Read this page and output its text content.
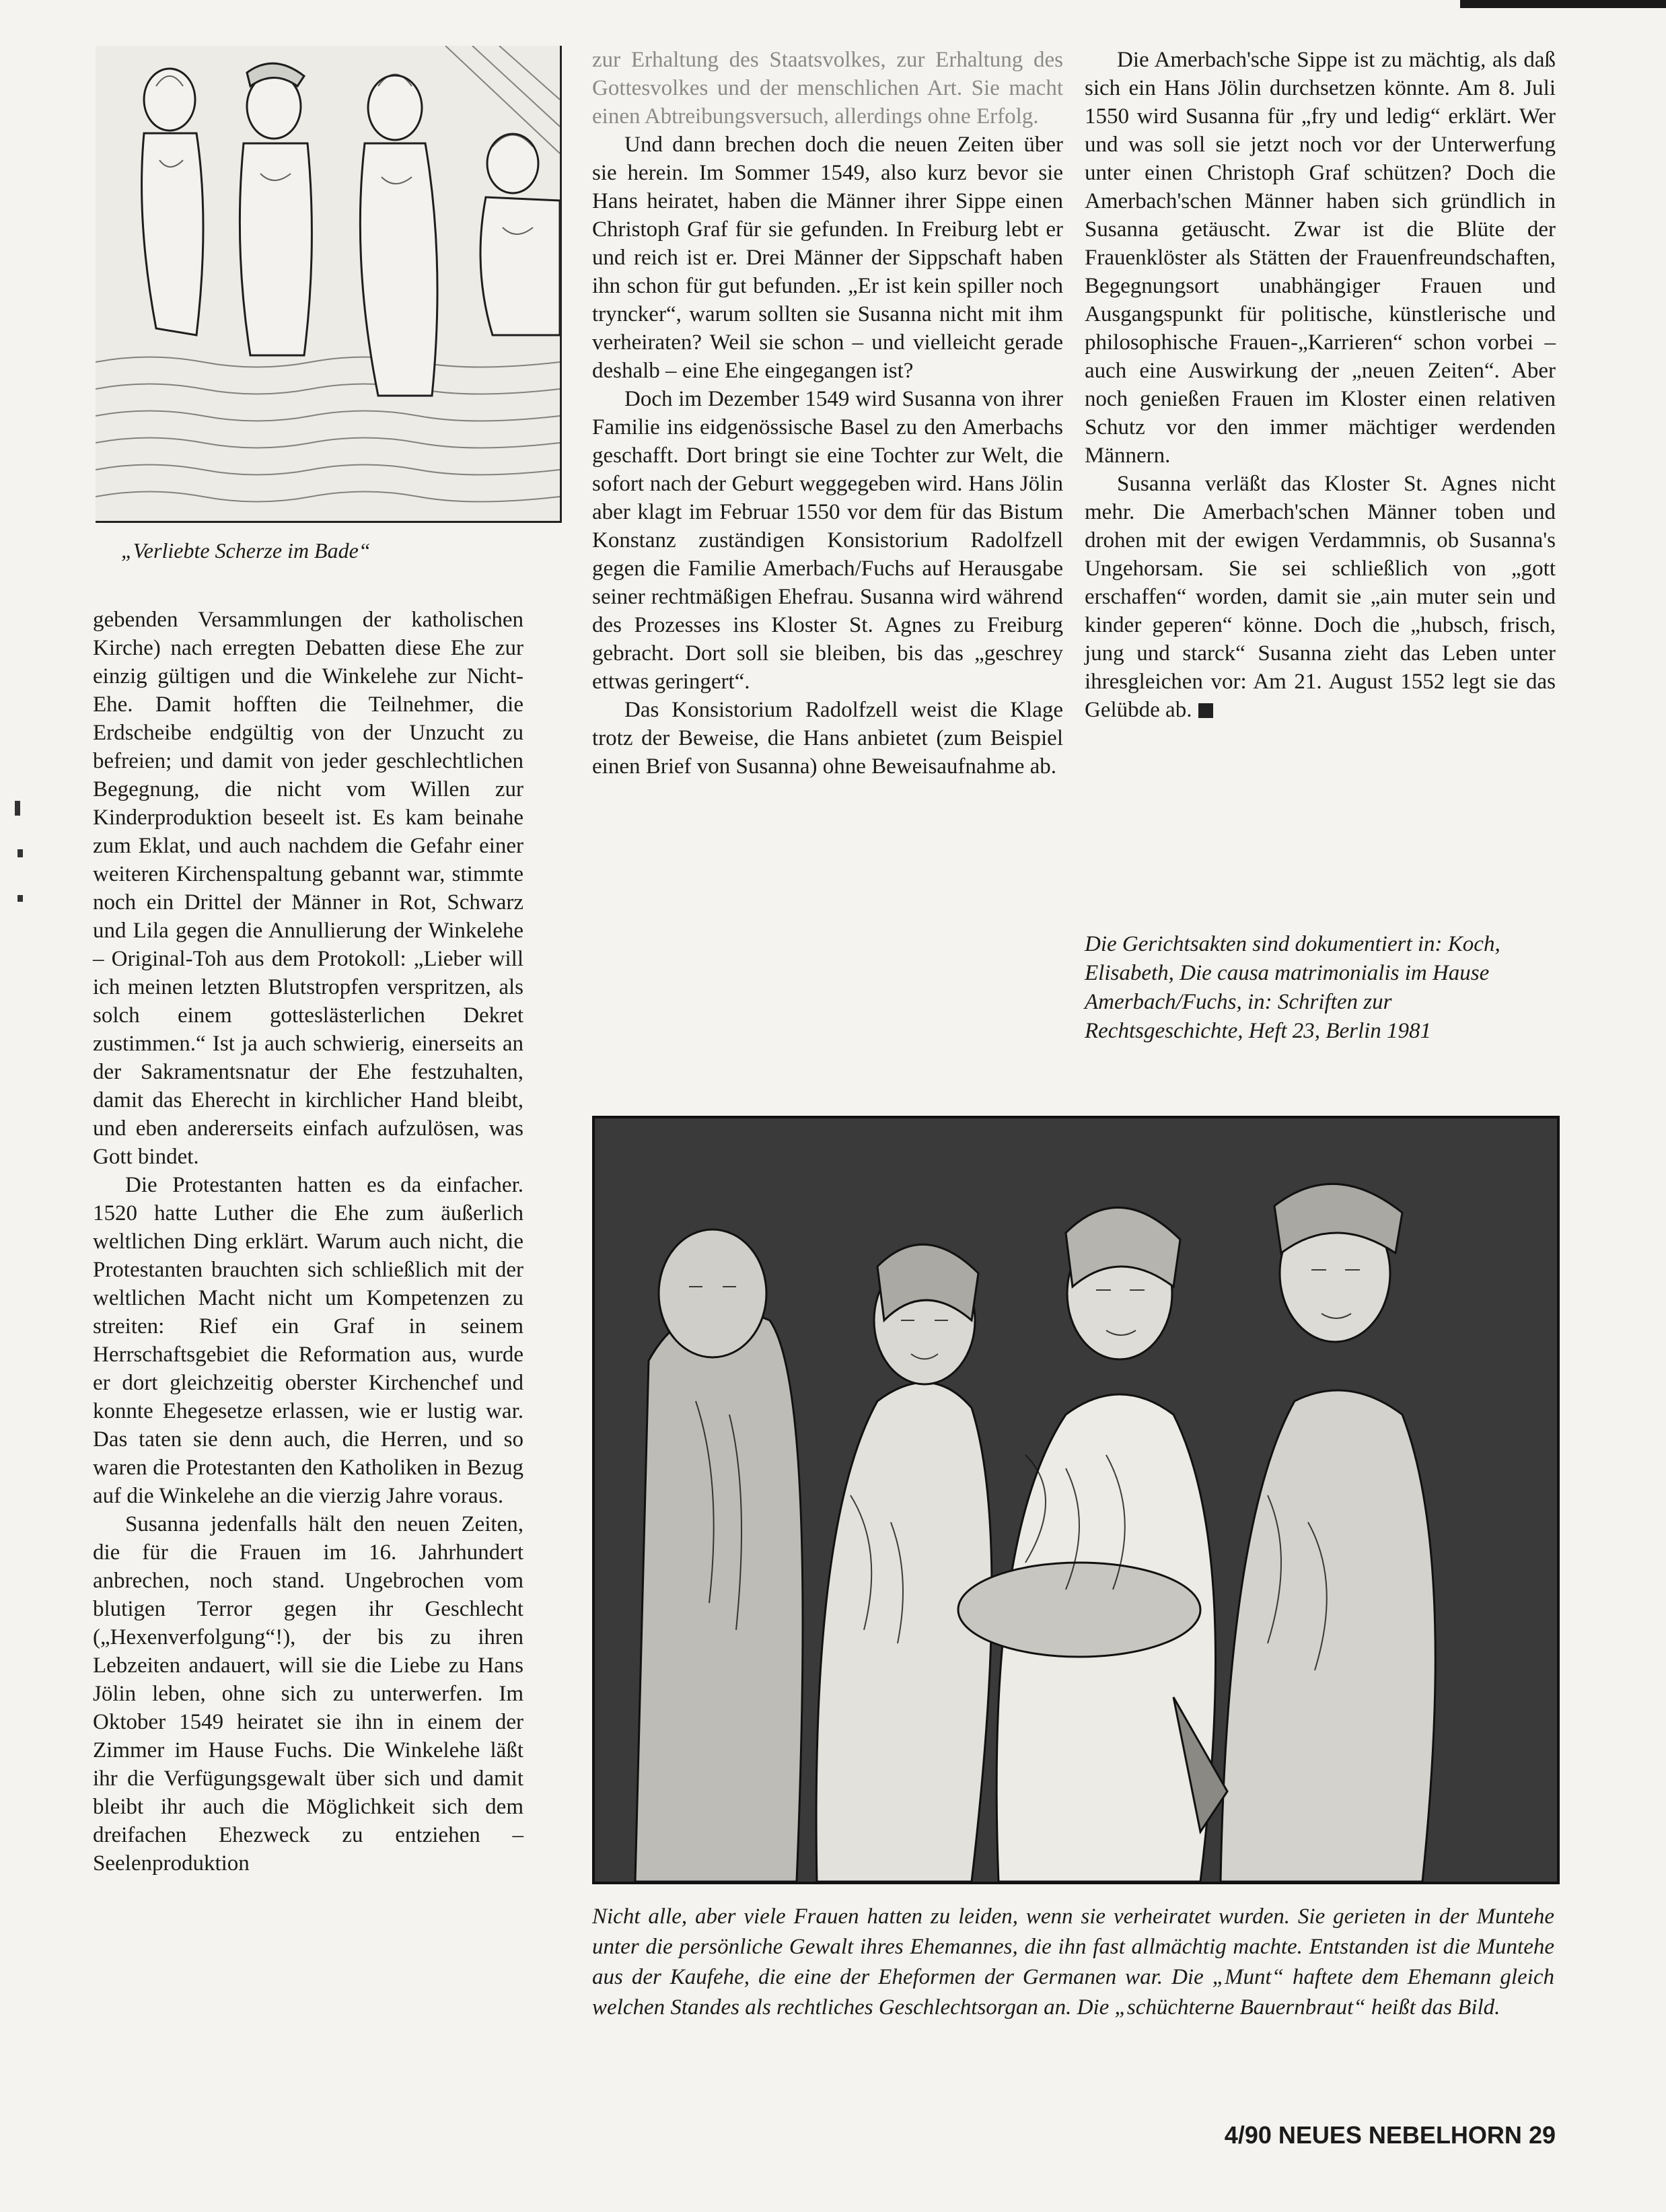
„Verliebte Scherze im Bade“

gebenden Versammlungen der katholischen Kirche) nach erregten Debatten diese Ehe zur einzig gültigen und die Winkelehe zur Nicht-Ehe. Damit hofften die Teilnehmer, die Erdscheibe endgültig von der Unzucht zu befreien; und damit von jeder geschlechtlichen Begegnung, die nicht vom Willen zur Kinderproduktion beseelt ist. Es kam beinahe zum Eklat, und auch nachdem die Gefahr einer weiteren Kirchenspaltung gebannt war, stimmte noch ein Drittel der Männer in Rot, Schwarz und Lila gegen die Annullierung der Winkelehe – Original-Toh aus dem Protokoll: „Lieber will ich meinen letzten Blutstropfen verspritzen, als solch einem gotteslästerlichen Dekret zustimmen.“ Ist ja auch schwierig, einerseits an der Sakramentsnatur der Ehe festzuhalten, damit das Eherecht in kirchlicher Hand bleibt, und eben andererseits einfach aufzulösen, was Gott bindet.

Die Protestanten hatten es da einfacher. 1520 hatte Luther die Ehe zum äußerlich weltlichen Ding erklärt. Warum auch nicht, die Protestanten brauchten sich schließlich mit der weltlichen Macht nicht um Kompetenzen zu streiten: Rief ein Graf in seinem Herrschaftsgebiet die Reformation aus, wurde er dort gleichzeitig oberster Kirchenchef und konnte Ehegesetze erlassen, wie er lustig war. Das taten sie denn auch, die Herren, und so waren die Protestanten den Katholiken in Bezug auf die Winkelehe an die vierzig Jahre voraus.

Susanna jedenfalls hält den neuen Zeiten, die für die Frauen im 16. Jahrhundert anbrechen, noch stand. Ungebrochen vom blutigen Terror gegen ihr Geschlecht („Hexenverfolgung“!), der bis zu ihren Lebzeiten andauert, will sie die Liebe zu Hans Jölin leben, ohne sich zu unterwerfen. Im Oktober 1549 heiratet sie ihn in einem der Zimmer im Hause Fuchs. Die Winkelehe läßt ihr die Verfügungsgewalt über sich und damit bleibt ihr auch die Möglichkeit sich dem dreifachen Ehezweck zu entziehen – Seelenproduktion

zur Erhaltung des Staatsvolkes, zur Erhaltung des Gottesvolkes und der menschlichen Art. Sie macht einen Abtreibungsversuch, allerdings ohne Erfolg.

Und dann brechen doch die neuen Zeiten über sie herein. Im Sommer 1549, also kurz bevor sie Hans heiratet, haben die Männer ihrer Sippe einen Christoph Graf für sie gefunden. In Freiburg lebt er und reich ist er. Drei Männer der Sippschaft haben ihn schon für gut befunden. „Er ist kein spiller noch tryncker“, warum sollten sie Susanna nicht mit ihm verheiraten? Weil sie schon – und vielleicht gerade deshalb – eine Ehe eingegangen ist?

Doch im Dezember 1549 wird Susanna von ihrer Familie ins eidgenössische Basel zu den Amerbachs geschafft. Dort bringt sie eine Tochter zur Welt, die sofort nach der Geburt weggegeben wird. Hans Jölin aber klagt im Februar 1550 vor dem für das Bistum Konstanz zuständigen Konsistorium Radolfzell gegen die Familie Amerbach/Fuchs auf Herausgabe seiner rechtmäßigen Ehefrau. Susanna wird während des Prozesses ins Kloster St. Agnes zu Freiburg gebracht. Dort soll sie bleiben, bis das „geschrey ettwas geringert“.

Das Konsistorium Radolfzell weist die Klage trotz der Beweise, die Hans anbietet (zum Beispiel einen Brief von Susanna) ohne Beweisaufnahme ab.

Die Amerbach'sche Sippe ist zu mächtig, als daß sich ein Hans Jölin durchsetzen könnte. Am 8. Juli 1550 wird Susanna für „fry und ledig“ erklärt. Wer und was soll sie jetzt noch vor der Unterwerfung unter einen Christoph Graf schützen? Doch die Amerbach'schen Männer haben sich gründlich in Susanna getäuscht. Zwar ist die Blüte der Frauenklöster als Stätten der Frauenfreundschaften, Begegnungsort unabhängiger Frauen und Ausgangspunkt für politische, künstlerische und philosophische Frauen-„Karrieren“ schon vorbei – auch eine Auswirkung der „neuen Zeiten“. Aber noch genießen Frauen im Kloster einen relativen Schutz vor den immer mächtiger werdenden Männern.

Susanna verläßt das Kloster St. Agnes nicht mehr. Die Amerbach'schen Männer toben und drohen mit der ewigen Verdammnis, ob Susanna's Ungehorsam. Sie sei schließlich von „gott erschaffen“ worden, damit sie „ain muter sein und kinder geperen“ könne. Doch die „hubsch, frisch, jung und starck“ Susanna zieht das Leben unter ihresgleichen vor: Am 21. August 1552 legt sie das Gelübde ab.

Die Gerichtsakten sind dokumentiert in: Koch, Elisabeth, Die causa matrimonialis im Hause Amerbach/Fuchs, in: Schriften zur Rechtsgeschichte, Heft 23, Berlin 1981
Nicht alle, aber viele Frauen hatten zu leiden, wenn sie verheiratet wurden. Sie gerieten in der Muntehe unter die persönliche Gewalt ihres Ehemannes, die ihn fast allmächtig machte. Entstanden ist die Muntehe aus der Kaufehe, die eine der Eheformen der Germanen war. Die „Munt“ haftete dem Ehemann gleich welchen Standes als rechtliches Geschlechtsorgan an. Die „schüchterne Bauernbraut“ heißt das Bild.
4/90 NEUES NEBELHORN 29
